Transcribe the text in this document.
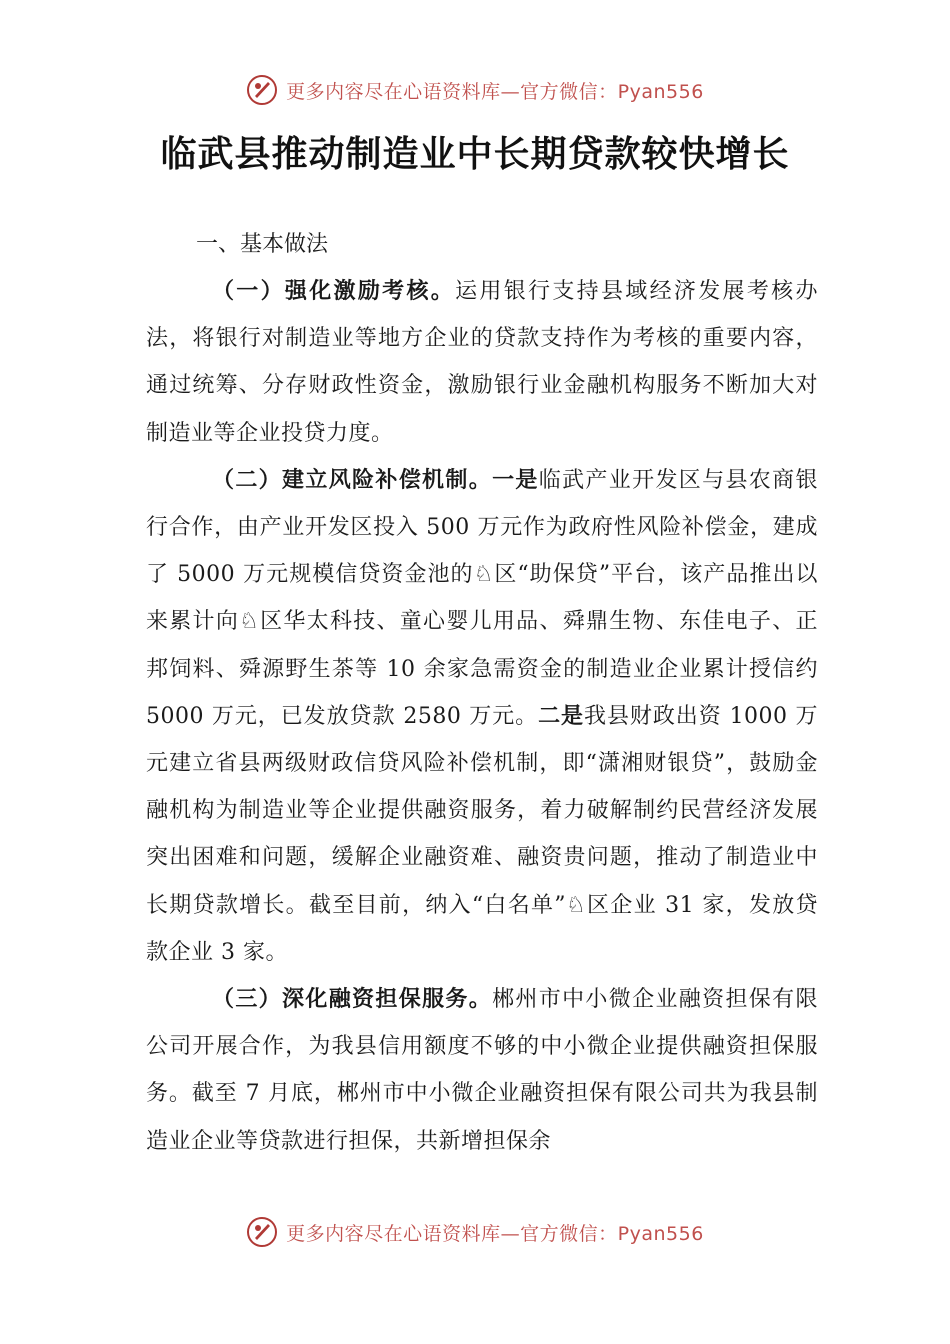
更多内容尽在心语资料库—官方微信：Pyan556
临武县推动制造业中长期贷款较快增长
一、基本做法

（一）强化激励考核。运用银行支持县域经济发展考核办法，将银行对制造业等地方企业的贷款支持作为考核的重要内容，通过统筹、分存财政性资金，激励银行业金融机构服务不断加大对制造业等企业投贷力度。

（二）建立风险补偿机制。一是临武产业开发区与县农商银行合作，由产业开发区投入 500 万元作为政府性风险补偿金，建成了 5000 万元规模信贷资金池的♘区“助保贷”平台，该产品推出以来累计向♘区华太科技、童心婴儿用品、舜鼎生物、东佳电子、正邦饲料、舜源野生茶等 10 余家急需资金的制造业企业累计授信约5000 万元，已发放贷款 2580 万元。二是我县财政出资 1000 万元建立省县两级财政信贷风险补偿机制，即“潇湘财银贷”，鼓励金融机构为制造业等企业提供融资服务，着力破解制约民营经济发展突出困难和问题，缓解企业融资难、融资贵问题，推动了制造业中长期贷款增长。截至目前，纳入“白名单”♘区企业 31 家，发放贷款企业 3 家。

（三）深化融资担保服务。郴州市中小微企业融资担保有限公司开展合作，为我县信用额度不够的中小微企业提供融资担保服务。截至 7 月底，郴州市中小微企业融资担保有限公司共为我县制造业企业等贷款进行担保，共新增担保余

更多内容尽在心语资料库—官方微信：Pyan556
